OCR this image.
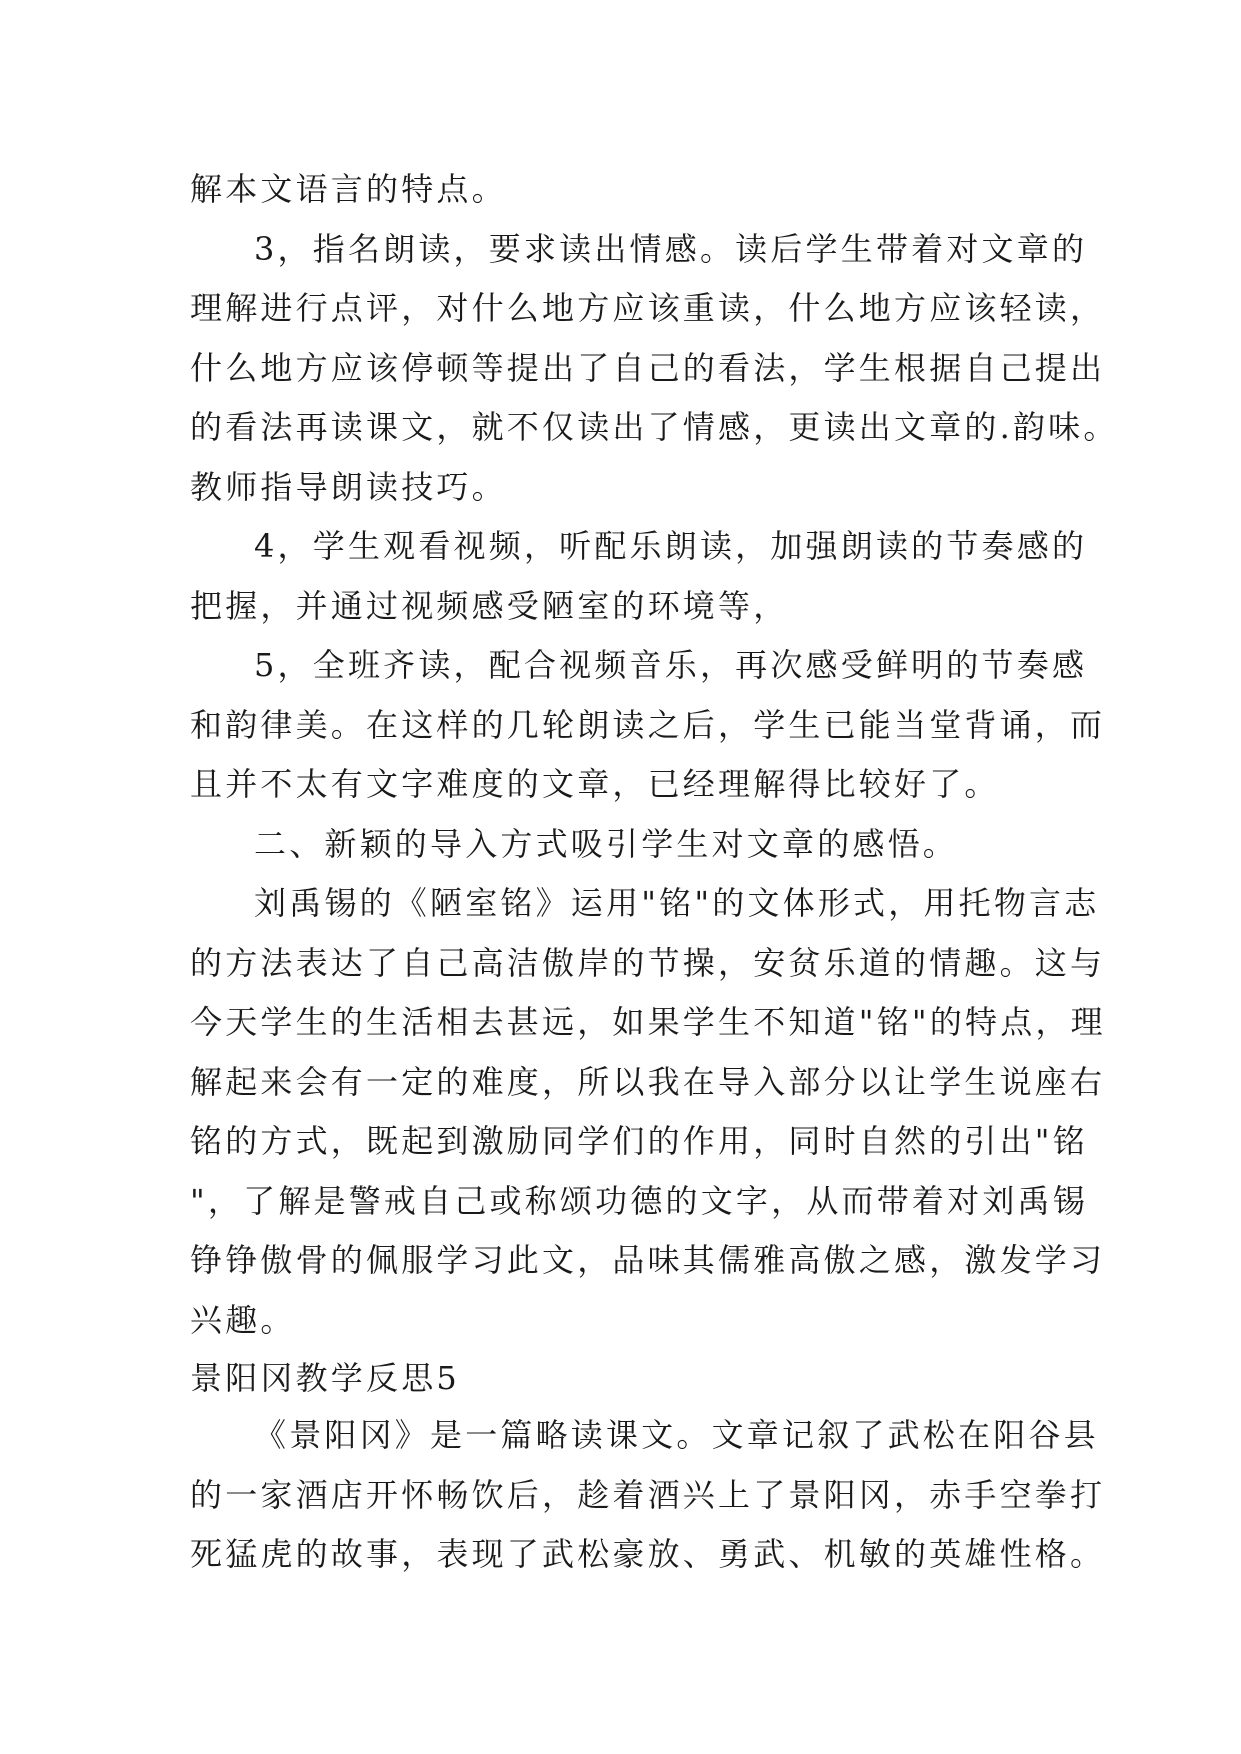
解本文语言的特点。
3，指名朗读，要求读出情感。读后学生带着对文章的
理解进行点评，对什么地方应该重读，什么地方应该轻读，
什么地方应该停顿等提出了自己的看法，学生根据自己提出
的看法再读课文，就不仅读出了情感，更读出文章的.韵味。
教师指导朗读技巧。
4，学生观看视频，听配乐朗读，加强朗读的节奏感的
把握，并通过视频感受陋室的环境等，
5，全班齐读，配合视频音乐，再次感受鲜明的节奏感
和韵律美。在这样的几轮朗读之后，学生已能当堂背诵，而
且并不太有文字难度的文章，已经理解得比较好了。
二、新颖的导入方式吸引学生对文章的感悟。
刘禹锡的《陋室铭》运用"铭"的文体形式，用托物言志
的方法表达了自己高洁傲岸的节操，安贫乐道的情趣。这与
今天学生的生活相去甚远，如果学生不知道"铭"的特点，理
解起来会有一定的难度，所以我在导入部分以让学生说座右
铭的方式，既起到激励同学们的作用，同时自然的引出"铭
"，了解是警戒自己或称颂功德的文字，从而带着对刘禹锡
铮铮傲骨的佩服学习此文，品味其儒雅高傲之感，激发学习
兴趣。
景阳冈教学反思5
《景阳冈》是一篇略读课文。文章记叙了武松在阳谷县
的一家酒店开怀畅饮后，趁着酒兴上了景阳冈，赤手空拳打
死猛虎的故事，表现了武松豪放、勇武、机敏的英雄性格。
